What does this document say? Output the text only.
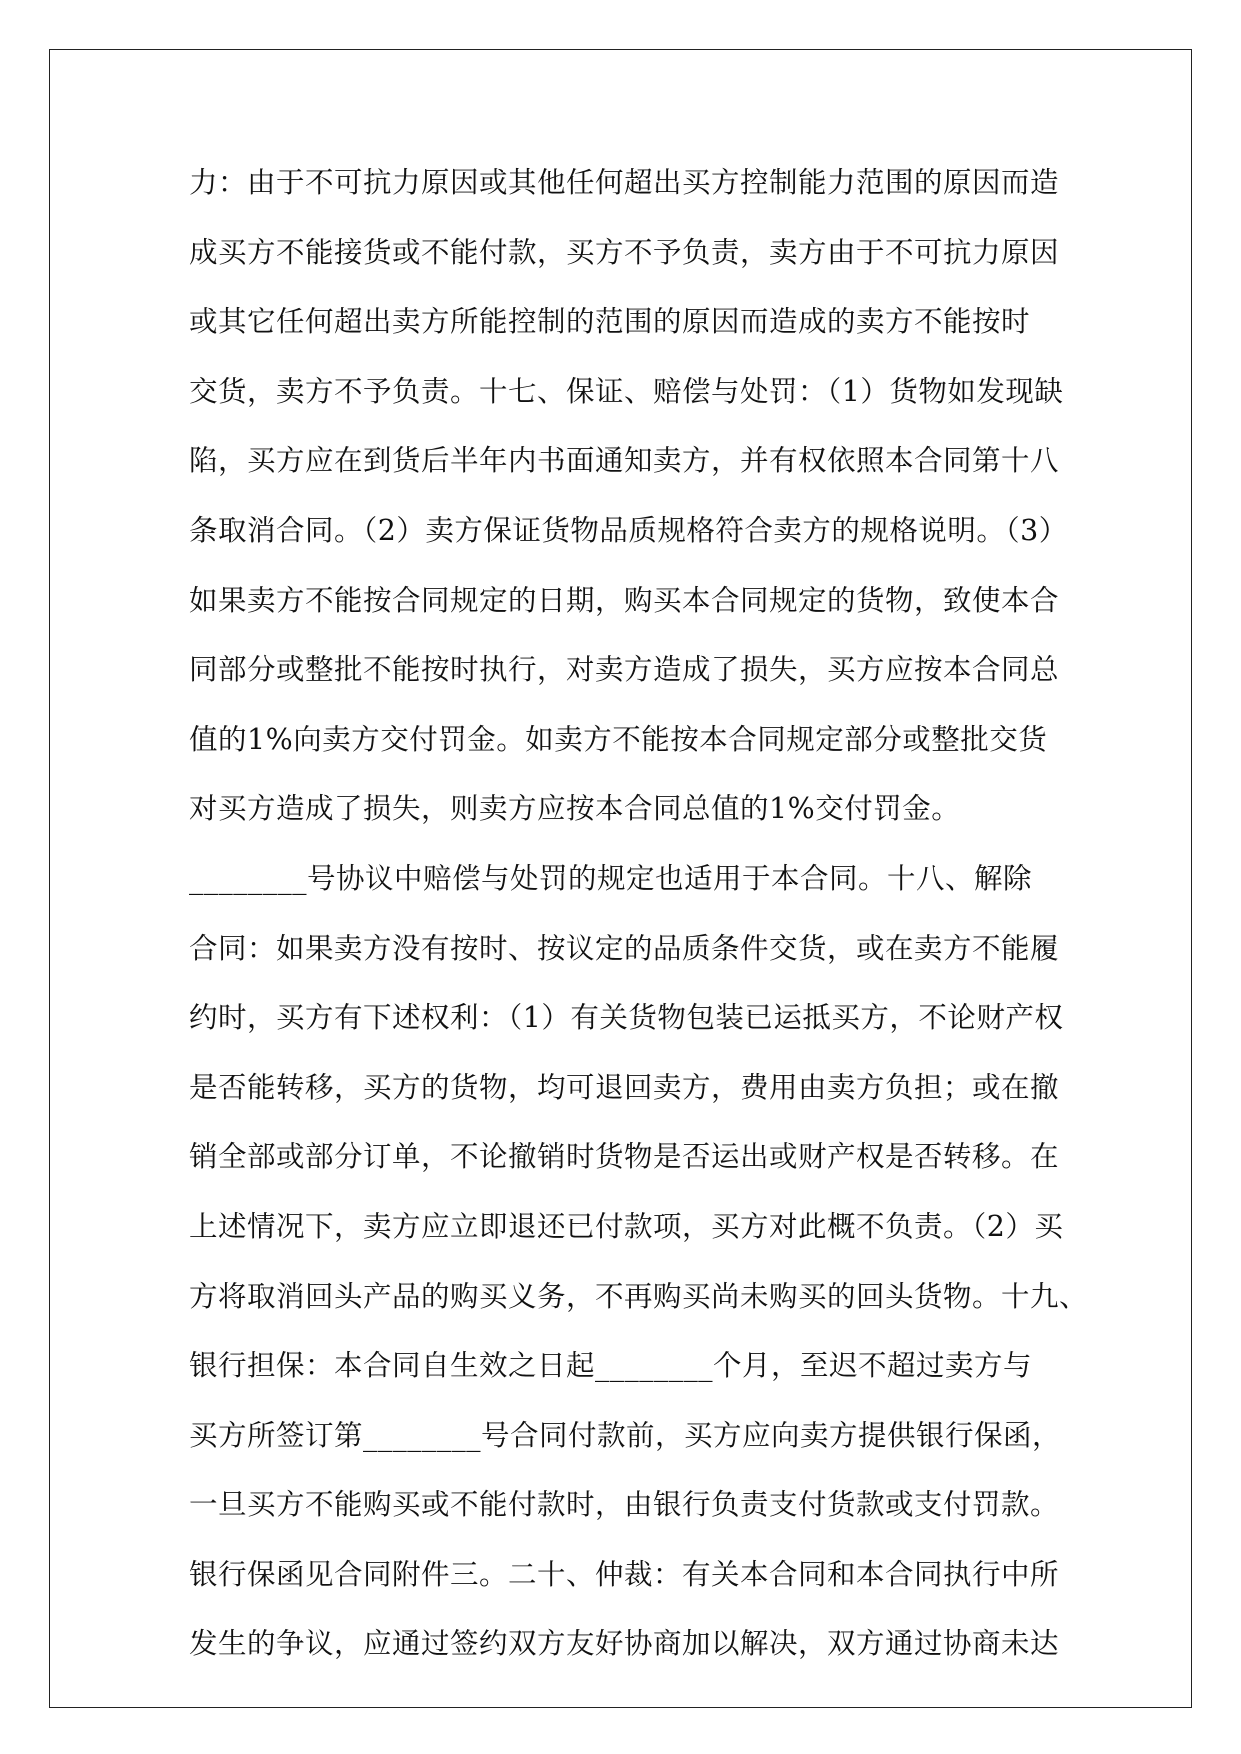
力：由于不可抗力原因或其他任何超出买方控制能力范围的原因而造
成买方不能接货或不能付款，买方不予负责，卖方由于不可抗力原因
或其它任何超出卖方所能控制的范围的原因而造成的卖方不能按时
交货，卖方不予负责。十七、保证、赔偿与处罚：（1）货物如发现缺
陷，买方应在到货后半年内书面通知卖方，并有权依照本合同第十八
条取消合同。（2）卖方保证货物品质规格符合卖方的规格说明。（3）
如果卖方不能按合同规定的日期，购买本合同规定的货物，致使本合
同部分或整批不能按时执行，对卖方造成了损失，买方应按本合同总
值的1%向卖方交付罚金。如卖方不能按本合同规定部分或整批交货
对买方造成了损失，则卖方应按本合同总值的1%交付罚金。
________号协议中赔偿与处罚的规定也适用于本合同。十八、解除
合同：如果卖方没有按时、按议定的品质条件交货，或在卖方不能履
约时，买方有下述权利：（1）有关货物包装已运抵买方，不论财产权
是否能转移，买方的货物，均可退回卖方，费用由卖方负担；或在撤
销全部或部分订单，不论撤销时货物是否运出或财产权是否转移。在
上述情况下，卖方应立即退还已付款项，买方对此概不负责。（2）买
方将取消回头产品的购买义务，不再购买尚未购买的回头货物。十九、
银行担保：本合同自生效之日起________个月，至迟不超过卖方与
买方所签订第________号合同付款前，买方应向卖方提供银行保函，
一旦买方不能购买或不能付款时，由银行负责支付货款或支付罚款。
银行保函见合同附件三。二十、仲裁：有关本合同和本合同执行中所
发生的争议，应通过签约双方友好协商加以解决，双方通过协商未达
